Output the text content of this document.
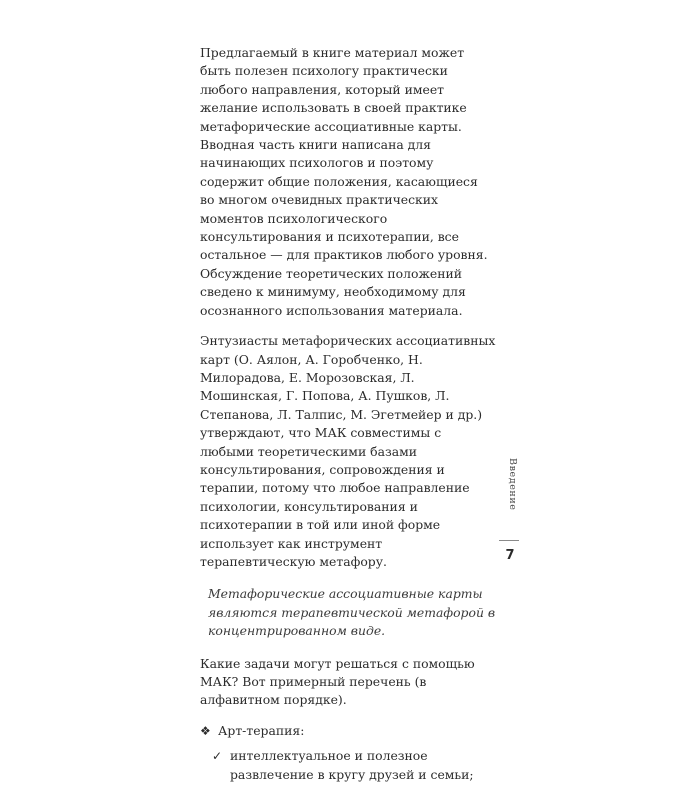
Предлагаемый в книге материал может быть полезен психологу практически любого направления, который имеет желание использовать в своей практике метафорические ассоциативные карты. Вводная часть книги написана для начинающих психологов и поэтому содержит общие положения, касающиеся во многом очевидных практических моментов психологического консультирования и психотерапии, все остальное — для практиков любого уровня. Обсуждение теоретических положений сведено к минимуму, необходимому для осознанного использования материала.

Энтузиасты метафорических ассоциативных карт (О. Аялон, А. Горобченко, Н. Милорадова, Е. Морозовская, Л. Мошинская, Г. Попова, А. Пушков, Л. Степанова, Л. Талпис, М. Эгетмейер и др.) утверждают, что МАК совместимы с любыми теоретическими базами консультирования, сопровождения и терапии, потому что любое направление психологии, консультирования и психотерапии в той или иной форме использует как инструмент терапевтическую метафору.

Метафорические ассоциативные карты являются терапевтической метафорой в концентрированном виде.

Какие задачи могут решаться с помощью МАК? Вот примерный перечень (в алфавитном порядке).

❖ Арт-терапия:
✓ интеллектуальное и полезное развлечение в кругу друзей и семьи;
Введение
7
